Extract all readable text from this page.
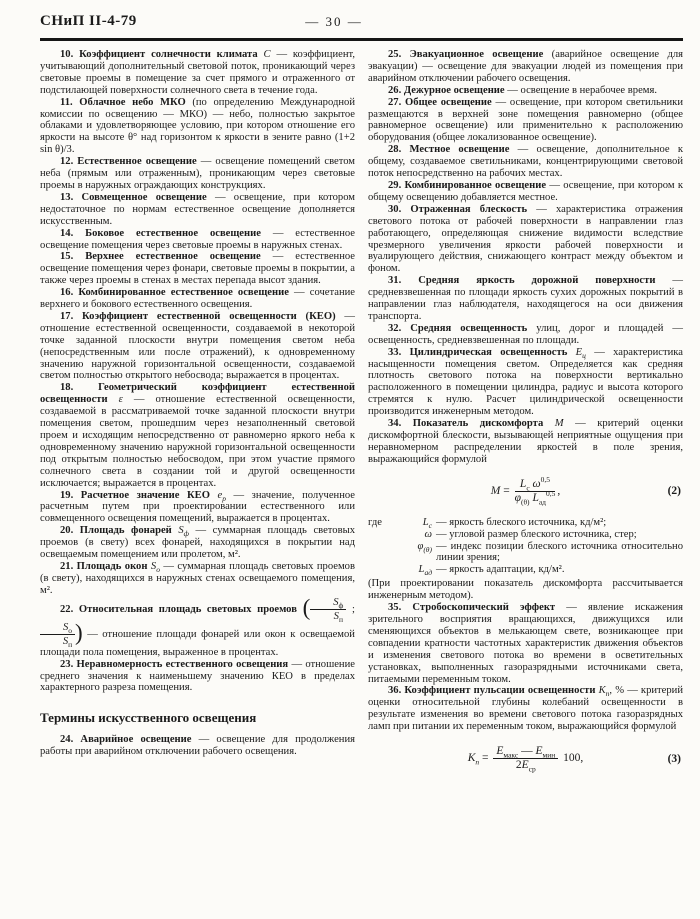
СНиП II-4-79	— 30 —

10. Коэффициент солнечности климата С — коэффициент, учитывающий дополнительный световой поток, проникающий через световые проемы в помещение за счет прямого и отраженного от подстилающей поверхности солнечного света в течение года.

11. Облачное небо МКО (по определению Международной комиссии по освещению — МКО) — небо, полностью закрытое облаками и удовлетворяющее условию, при котором отношение его яркости на высоте θ° над горизонтом к яркости в зените равно (1+2 sin θ)/3.

12. Естественное освещение — освещение помещений светом неба (прямым или отраженным), проникающим через световые проемы в наружных ограждающих конструкциях.

13. Совмещенное освещение — освещение, при котором недостаточное по нормам естественное освещение дополняется искусственным.

14. Боковое естественное освещение — естественное освещение помещения через световые проемы в наружных стенах.

15. Верхнее естественное освещение — естественное освещение помещения через фонари, световые проемы в покрытии, а также через проемы в стенах в местах перепада высот здания.

16. Комбинированное естественное освещение — сочетание верхнего и бокового естественного освещения.

17. Коэффициент естественной освещенности (КЕО) — отношение естественной освещенности, создаваемой в некоторой точке заданной плоскости внутри помещения светом неба (непосредственным или после отражений), к одновременному значению наружной горизонтальной освещенности, создаваемой светом полностью открытого небосвода; выражается в процентах.

18. Геометрический коэффициент естественной освещенности ε — отношение естественной освещенности, создаваемой в рассматриваемой точке заданной плоскости внутри помещения светом, прошедшим через незаполненный световой проем и исходящим непосредственно от равномерно яркого неба к одновременному значению наружной горизонтальной освещенности под открытым полностью небосводом, при этом участие прямого солнечного света в создании той и другой освещенности исключается; выражается в процентах.

19. Расчетное значение КЕО $е_р$ — значение, полученное расчетным путем при проектировании естественного или совмещенного освещения помещений, выражается в процентах.

20. Площадь фонарей $S_ф$ — суммарная площадь световых проемов (в свету) всех фонарей, находящихся в покрытии над освещаемым помещением или пролетом, м².

21. Площадь окон $S_о$ — суммарная площадь световых проемов (в свету), находящихся в наружных стенах освещаемого помещения, м².

22. Относительная площадь световых проемов ( $\frac{S_ф}{S_п}$ ;
$\frac{S_о}{S_п}$ ) — отношение площади фонарей или окон к освещаемой площади пола помещения, выраженное в процентах.

23. Неравномерность естественного освещения — отношение среднего значения к наименьшему значению КЕО в пределах характерного разреза помещения.

Термины искусственного освещения

24. Аварийное освещение — освещение для продолжения работы при аварийном отключении рабочего освещения.

25. Эвакуационное освещение (аварийное освещение для эвакуации) — освещение для эвакуации людей из помещения при аварийном отключении рабочего освещения.

26. Дежурное освещение — освещение в нерабочее время.

27. Общее освещение — освещение, при котором светильники размещаются в верхней зоне помещения равномерно (общее равномерное освещение) или применительно к расположению оборудования (общее локализованное освещение).

28. Местное освещение — освещение, дополнительное к общему, создаваемое светильниками, концентрирующими световой поток непосредственно на рабочих местах.

29. Комбинированное освещение — освещение, при котором к общему освещению добавляется местное.

30. Отраженная блескость — характеристика отражения светового потока от рабочей поверхности в направлении глаз работающего, определяющая снижение видимости вследствие чрезмерного увеличения яркости рабочей поверхности и вуалирующего действия, снижающего контраст между объектом и фоном.

31. Средняя яркость дорожной поверхности — средневзвешенная по площади яркость сухих дорожных покрытий в направлении глаз наблюдателя, находящегося на оси движения транспорта.

32. Средняя освещенность улиц, дорог и площадей — освещенность, средневзвешенная по площади.

33. Цилиндрическая освещенность $Е_ц$ — характеристика насыщенности помещения светом. Определяется как средняя плотность светового потока на поверхности вертикально расположенного в помещении цилиндра, радиус и высота которого стремятся к нулю. Расчет цилиндрической освещенности производится инженерным методом.

34. Показатель дискомфорта М — критерий оценки дискомфортной блескости, вызывающей неприятные ощущения при неравномерном распределении яркостей в поле зрения, выражающийся формулой

$М = \frac{L_с \omega^{0,5}}{\varphi_{(\theta)} L_{ад}^{0,5}}$ ,	(2)
где	$L_с$ — яркость блеского источника, кд/м²;
ω — угловой размер блеского источника, стер;
$\varphi_{(\theta)}$ — индекс позиции блеского источника относительно линии зрения;
$L_{ад}$ — яркость адаптации, кд/м².

(При проектировании показатель дискомфорта рассчитывается инженерным методом).

35. Стробоскопический эффект — явление искажения зрительного восприятия вращающихся, движущихся или сменяющихся объектов в мелькающем свете, возникающее при совпадении кратности частотных характеристик движения объектов и изменения светового потока во времени в осветительных установках, выполненных газоразрядными источниками света, питаемыми переменным током.

36. Коэффициент пульсации освещенности $К_п$, % — критерий оценки относительной глубины колебаний освещенности в результате изменения во времени светового потока газоразрядных ламп при питании их переменным током, выражающийся формулой

$К_п = \frac{Е_{макс} — Е_{мин}}{2Е_{ср}} 100$,	(3)
